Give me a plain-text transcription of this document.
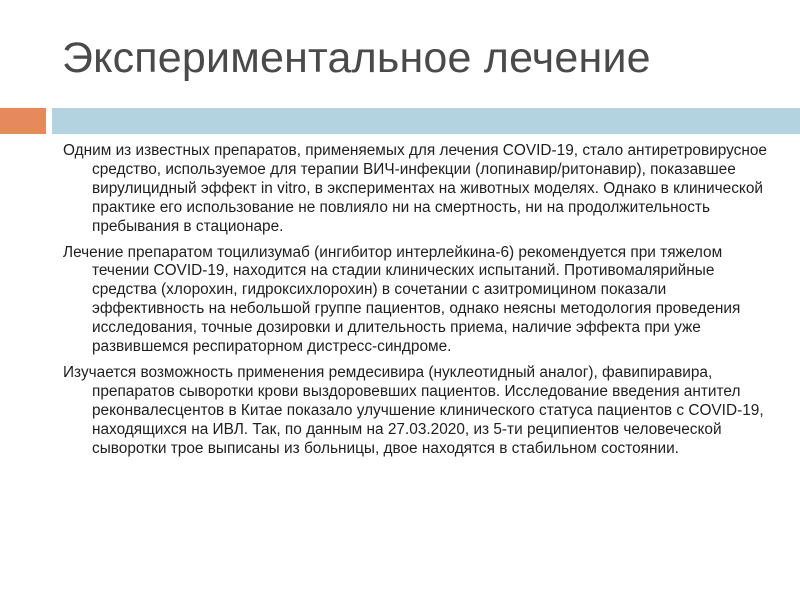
Экспериментальное лечение

Одним из известных препаратов, применяемых для лечения COVID-19, стало антиретровирусное средство, используемое для терапии ВИЧ-инфекции (лопинавир/ритонавир), показавшее вирулицидный эффект in vitro, в экспериментах на животных моделях. Однако в клинической практике его использование не повлияло ни на смертность, ни на продолжительность пребывания в стационаре.

Лечение препаратом тоцилизумаб (ингибитор интерлейкина-6) рекомендуется при тяжелом течении COVID-19, находится на стадии клинических испытаний. Противомалярийные средства (хлорохин, гидроксихлорохин) в сочетании с азитромицином показали эффективность на небольшой группе пациентов, однако неясны методология проведения исследования, точные дозировки и длительность приема, наличие эффекта при уже развившемся респираторном дистресс-синдроме.

Изучается возможность применения ремдесивира (нуклеотидный аналог), фавипиравира, препаратов сыворотки крови выздоровевших пациентов. Исследование введения антител реконвалесцентов в Китае показало улучшение клинического статуса пациентов с COVID-19, находящихся на ИВЛ. Так, по данным на 27.03.2020, из 5-ти реципиентов человеческой сыворотки трое выписаны из больницы, двое находятся в стабильном состоянии.
